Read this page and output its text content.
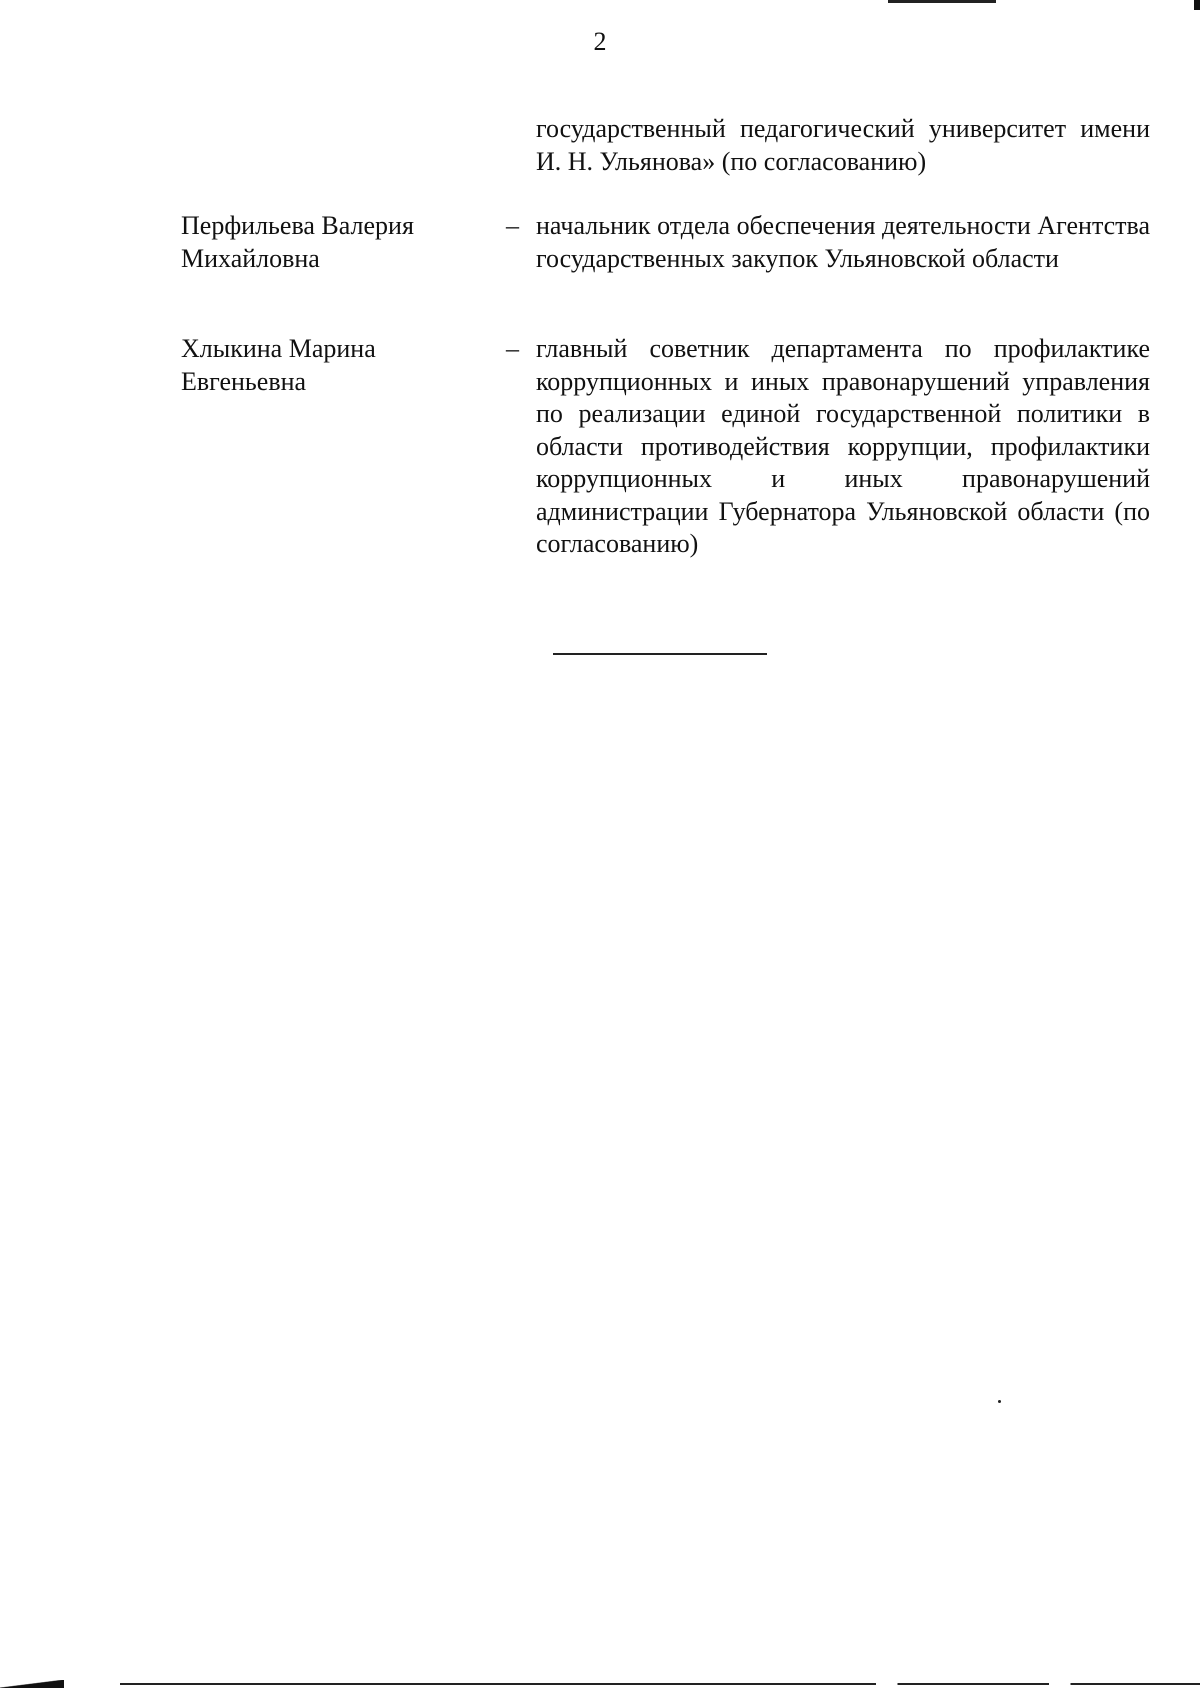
2
государственный педагогический университет имени И. Н. Ульянова» (по согласованию)
Перфильева Валерия Михайловна
– начальник отдела обеспечения деятельности Агентства государственных закупок Ульяновской области
Хлыкина Марина Евгеньевна
– главный советник департамента по профилактике коррупционных и иных правонарушений управления по реализации единой государственной политики в области противодействия коррупции, профилактики коррупционных и иных правонарушений администрации Губернатора Ульяновской области (по согласованию)
